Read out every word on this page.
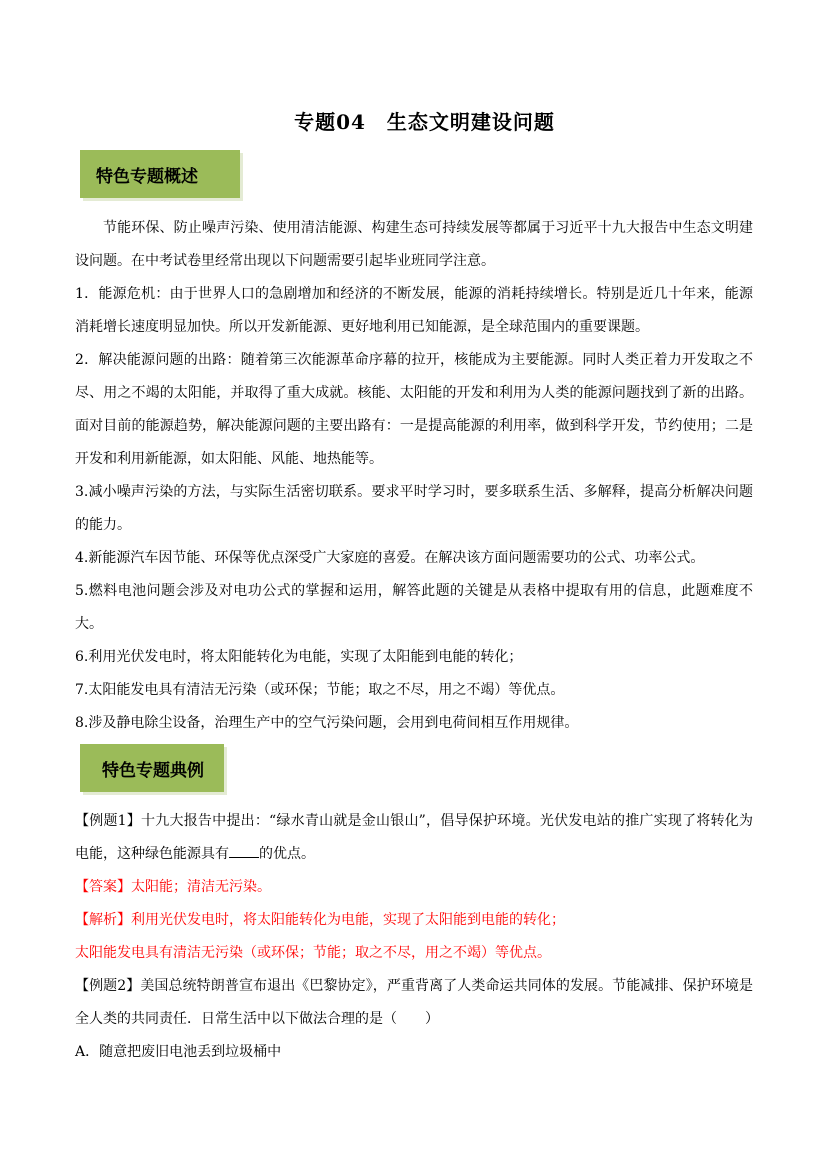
专题04　生态文明建设问题
特色专题概述
节能环保、防止噪声污染、使用清洁能源、构建生态可持续发展等都属于习近平十九大报告中生态文明建设问题。在中考试卷里经常出现以下问题需要引起毕业班同学注意。
1．能源危机：由于世界人口的急剧增加和经济的不断发展，能源的消耗持续增长。特别是近几十年来，能源消耗增长速度明显加快。所以开发新能源、更好地利用已知能源，是全球范围内的重要课题。
2．解决能源问题的出路：随着第三次能源革命序幕的拉开，核能成为主要能源。同时人类正着力开发取之不尽、用之不竭的太阳能，并取得了重大成就。核能、太阳能的开发和利用为人类的能源问题找到了新的出路。面对目前的能源趋势，解决能源问题的主要出路有：一是提高能源的利用率，做到科学开发，节约使用；二是开发和利用新能源，如太阳能、风能、地热能等。
3.减小噪声污染的方法，与实际生活密切联系。要求平时学习时，要多联系生活、多解释，提高分析解决问题的能力。
4.新能源汽车因节能、环保等优点深受广大家庭的喜爱。在解决该方面问题需要功的公式、功率公式。
5.燃料电池问题会涉及对电功公式的掌握和运用，解答此题的关键是从表格中提取有用的信息，此题难度不大。
6.利用光伏发电时，将太阳能转化为电能，实现了太阳能到电能的转化；
7.太阳能发电具有清洁无污染（或环保；节能；取之不尽，用之不竭）等优点。
8.涉及静电除尘设备，治理生产中的空气污染问题，会用到电荷间相互作用规律。
特色专题典例
【例题1】十九大报告中提出：“绿水青山就是金山银山”，倡导保护环境。光伏发电站的推广实现了将转化为电能，这种绿色能源具有 的优点。
【答案】太阳能；清洁无污染。
【解析】利用光伏发电时，将太阳能转化为电能，实现了太阳能到电能的转化；
太阳能发电具有清洁无污染（或环保；节能；取之不尽，用之不竭）等优点。
【例题2】美国总统特朗普宣布退出《巴黎协定》，严重背离了人类命运共同体的发展。节能减排、保护环境是全人类的共同责任．日常生活中以下做法合理的是（　　）
A．随意把废旧电池丢到垃圾桶中
